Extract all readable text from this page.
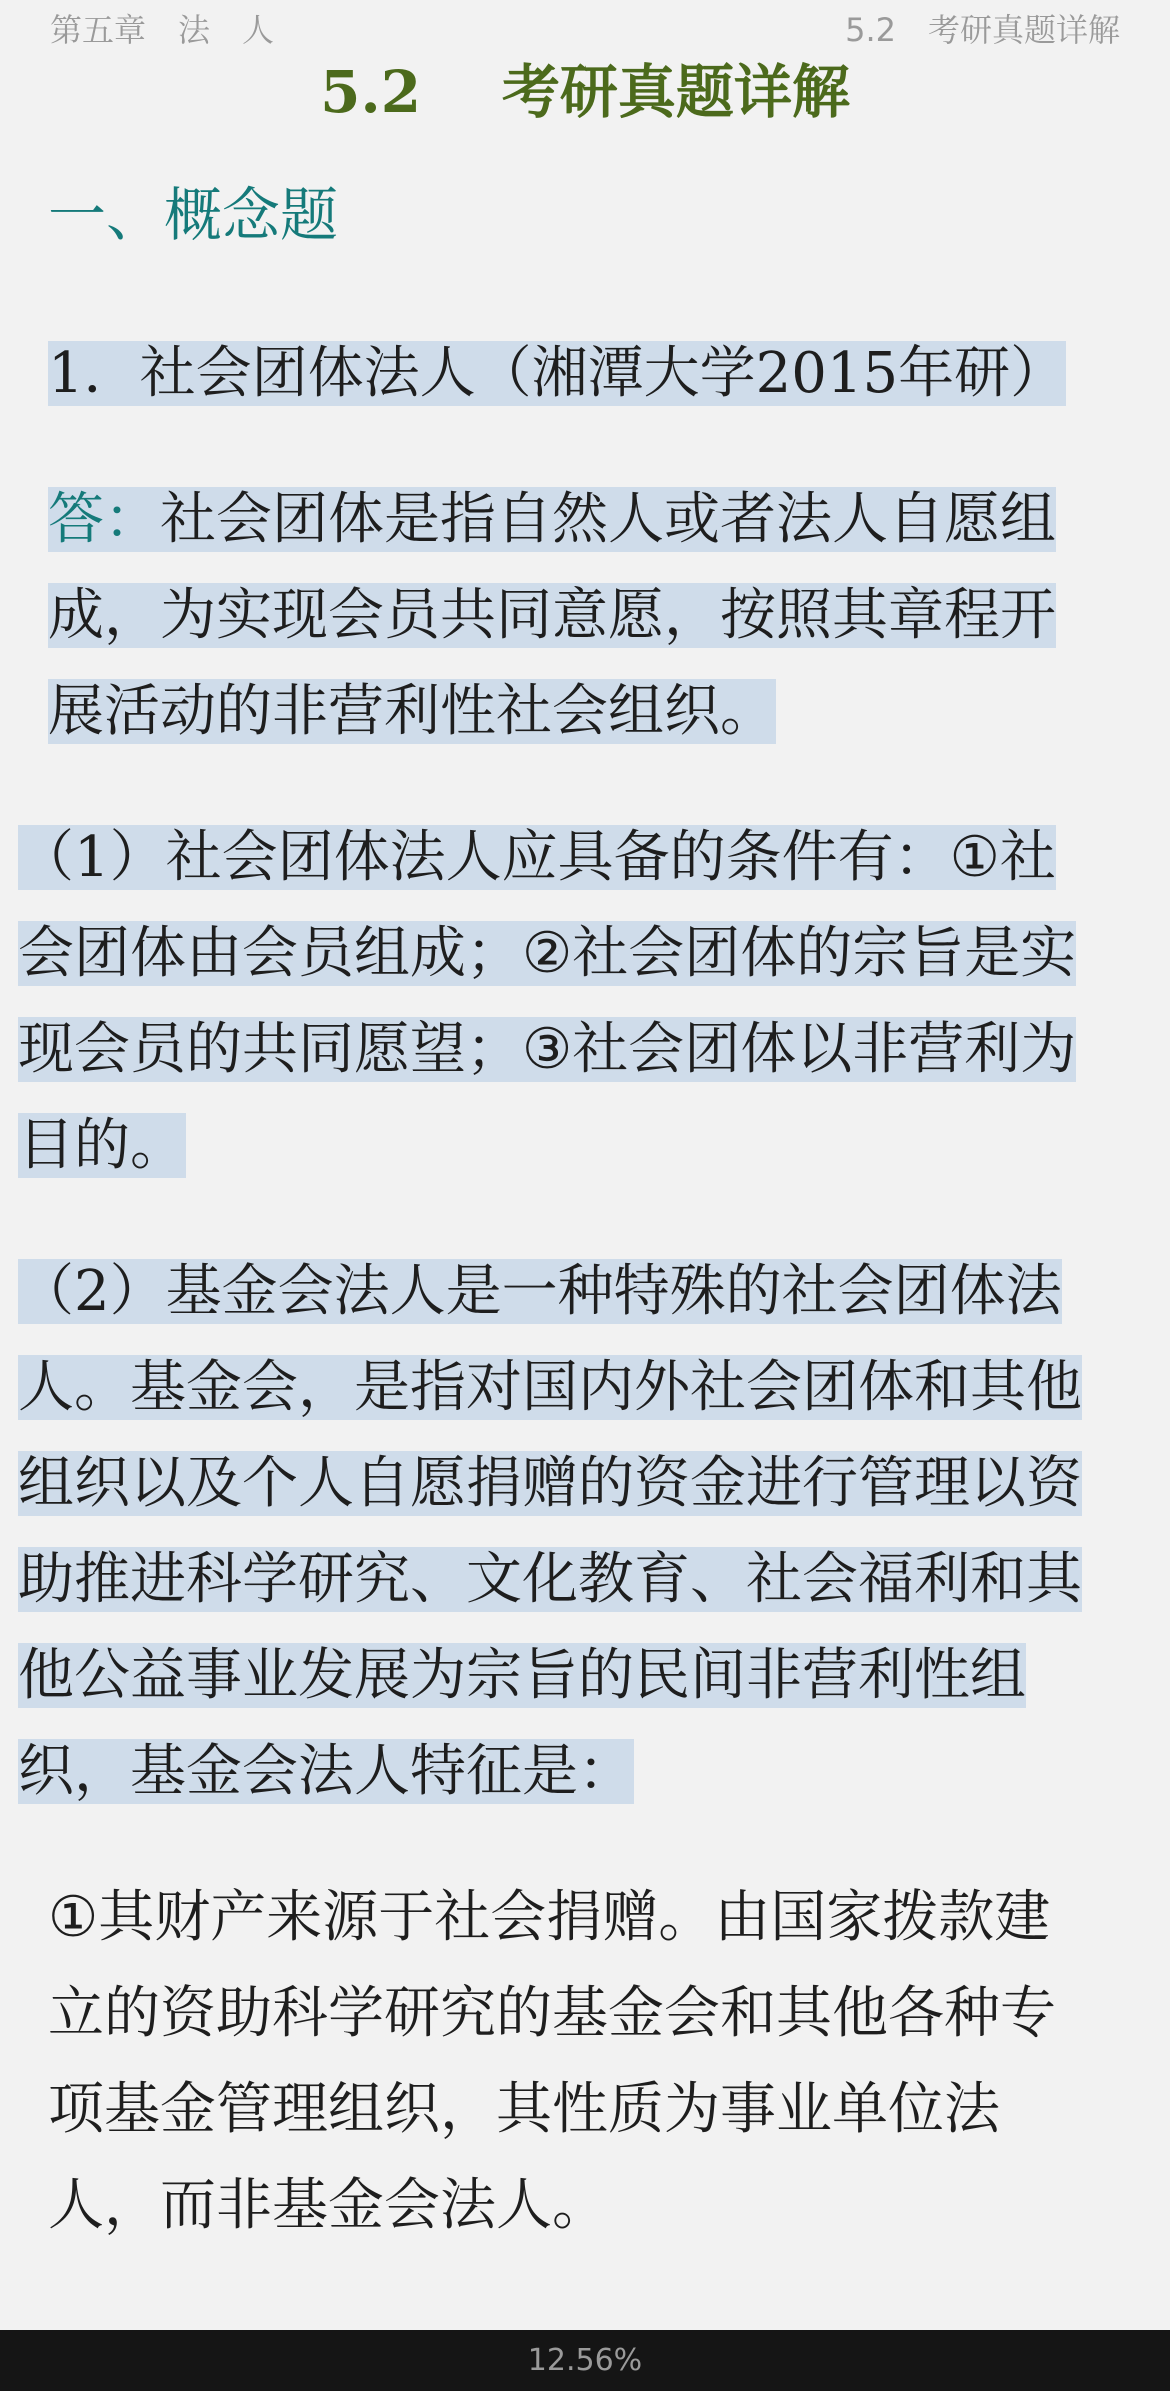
第五章　法　人	5.2　考研真题详解
5.2 考研真题详解
一、概念题

1．社会团体法人（湘潭大学2015年研）

答：社会团体是指自然人或者法人自愿组成，为实现会员共同意愿，按照其章程开展活动的非营利性社会组织。

（1）社会团体法人应具备的条件有：①社会团体由会员组成；②社会团体的宗旨是实现会员的共同愿望；③社会团体以非营利为目的。

（2）基金会法人是一种特殊的社会团体法人。基金会，是指对国内外社会团体和其他组织以及个人自愿捐赠的资金进行管理以资助推进科学研究、文化教育、社会福利和其他公益事业发展为宗旨的民间非营利性组织，基金会法人特征是：

①其财产来源于社会捐赠。由国家拨款建立的资助科学研究的基金会和其他各种专项基金管理组织，其性质为事业单位法人，而非基金会法人。

12.56%
